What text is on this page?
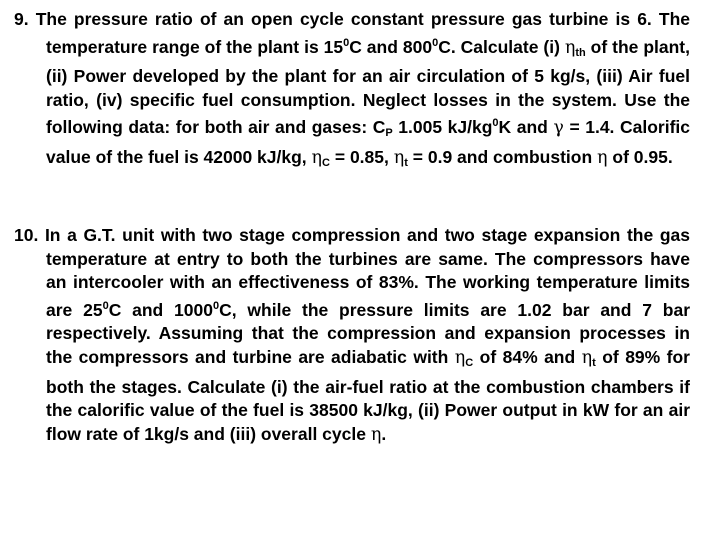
9. The pressure ratio of an open cycle constant pressure gas turbine is 6. The temperature range of the plant is $15^0C$ and $800^0C$. Calculate (i) $\eta_{th}$ of the plant, (ii) Power developed by the plant for an air circulation of 5 kg/s, (iii) Air fuel ratio, (iv) specific fuel consumption. Neglect losses in the system. Use the following data: for both air and gases: $C_P$ 1.005 $kJ/kg^0K$ and γ = 1.4. Calorific value of the fuel is 42000 kJ/kg, $\eta_C = 0.85$, $\eta_t = 0.9$ and combustion η of 0.95.
10. In a G.T. unit with two stage compression and two stage expansion the gas temperature at entry to both the turbines are same. The compressors have an intercooler with an effectiveness of 83%. The working temperature limits are $25^0C$ and 1000$^0$C, while the pressure limits are 1.02 bar and 7 bar respectively. Assuming that the compression and expansion processes in the compressors and turbine are adiabatic with $\eta_C$ of 84% and $\eta_t$ of 89% for both the stages. Calculate (i) the air-fuel ratio at the combustion chambers if the calorific value of the fuel is 38500 kJ/kg, (ii) Power output in kW for an air flow rate of 1kg/s and (iii) overall cycle η.
